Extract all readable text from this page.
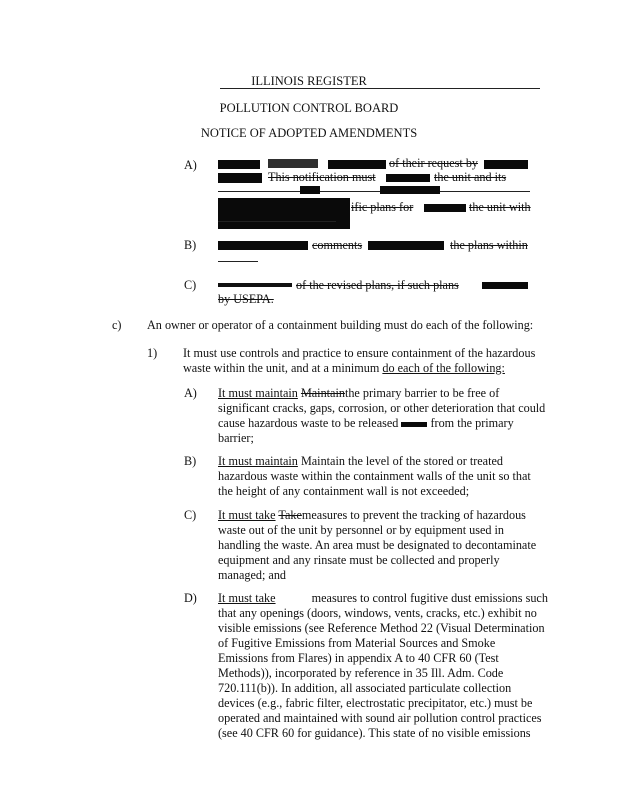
ILLINOIS REGISTER
POLLUTION CONTROL BOARD
NOTICE OF ADOPTED AMENDMENTS
A)	of their request by
This notification must	the unit and its
ific plans for	the unit with
B)	comments	the plans within
C)	of the revised plans, if such plans
by USEPA.
c) An owner or operator of a containment building must do each of the following:
1) It must use controls and practice to ensure containment of the hazardous
waste within the unit, and at a minimum do each of the following:
A) It must maintain Maintainthe primary barrier to be free of
significant cracks, gaps, corrosion, or other deterioration that could
cause hazardous waste to be released	from the primary
barrier;
B) It must maintain Maintain the level of the stored or treated
hazardous waste within the containment walls of the unit so that
the height of any containment wall is not exceeded;
C) It must take Takemeasures to prevent the tracking of hazardous
waste out of the unit by personnel or by equipment used in
handling the waste. An area must be designated to decontaminate
equipment and any rinsate must be collected and properly
managed; and
D) It must take	measures to control fugitive dust emissions such
that any openings (doors, windows, vents, cracks, etc.) exhibit no
visible emissions (see Reference Method 22 (Visual Determination
of Fugitive Emissions from Material Sources and Smoke
Emissions from Flares) in appendix A to 40 CFR 60 (Test
Methods)), incorporated by reference in 35 Ill. Adm. Code
720.111(b)). In addition, all associated particulate collection
devices (e.g., fabric filter, electrostatic precipitator, etc.) must be
operated and maintained with sound air pollution control practices
(see 40 CFR 60 for guidance). This state of no visible emissions
